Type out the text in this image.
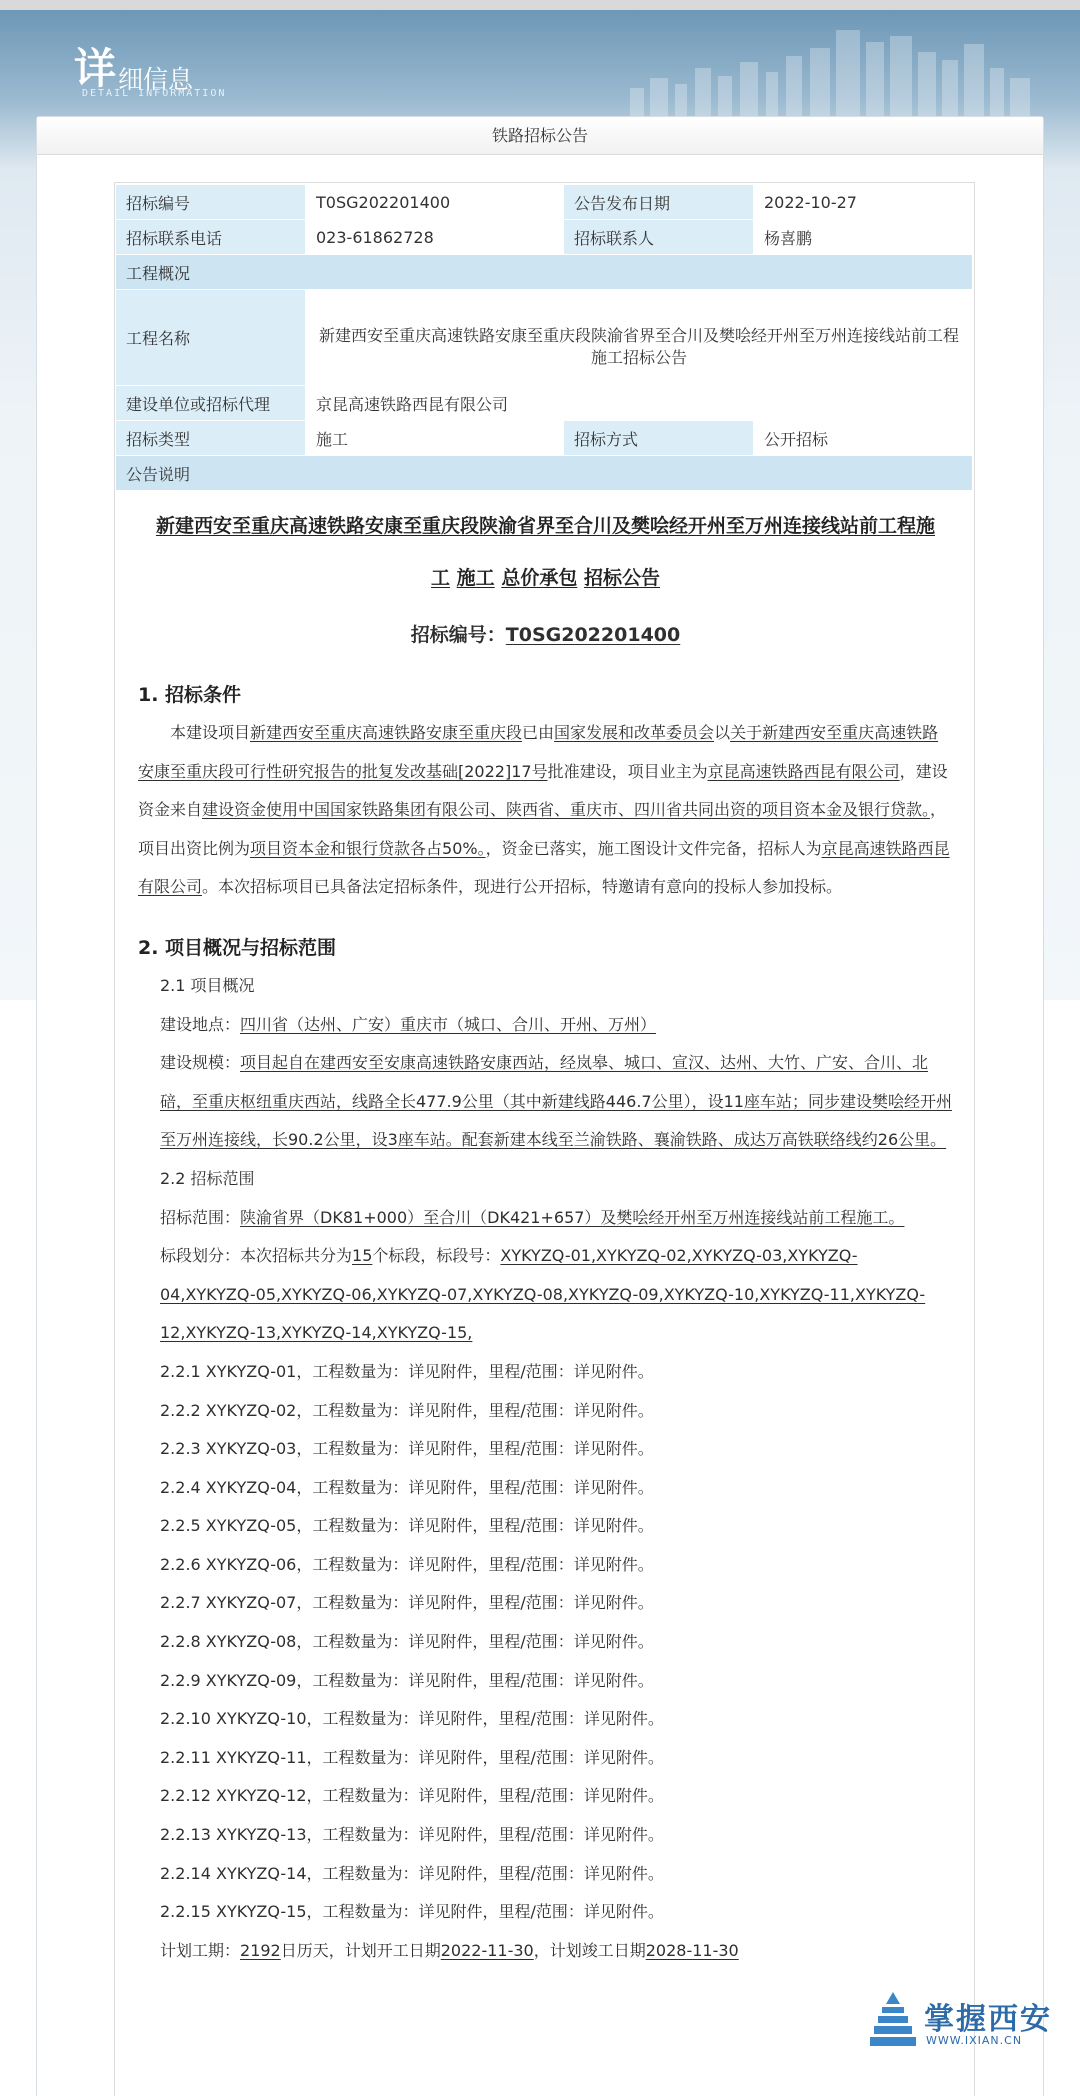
详细信息
DETAIL INFORMATION
铁路招标公告
招标编号	T0SG202201400	公告发布日期	2022-10-27
招标联系电话	023-61862728	招标联系人	杨喜鹏
工程概况			
工程名称	新建西安至重庆高速铁路安康至重庆段陕渝省界至合川及樊哙经开州至万州连接线站前工程施工招标公告		
建设单位或招标代理	京昆高速铁路西昆有限公司		
招标类型	施工	招标方式	公开招标
公告说明			
新建西安至重庆高速铁路安康至重庆段陕渝省界至合川及樊哙经开州至万州连接线站前工程施
工 施工 总价承包 招标公告
招标编号：T0SG202201400
1. 招标条件
本建设项目新建西安至重庆高速铁路安康至重庆段已由国家发展和改革委员会以关于新建西安至重庆高速铁路安康至重庆段可行性研究报告的批复发改基础[2022]17号批准建设，项目业主为京昆高速铁路西昆有限公司，建设资金来自建设资金使用中国国家铁路集团有限公司、陕西省、重庆市、四川省共同出资的项目资本金及银行贷款。，项目出资比例为项目资本金和银行贷款各占50%。，资金已落实，施工图设计文件完备，招标人为京昆高速铁路西昆有限公司。本次招标项目已具备法定招标条件，现进行公开招标，特邀请有意向的投标人参加投标。
2. 项目概况与招标范围
2.1 项目概况
建设地点：四川省（达州、广安）重庆市（城口、合川、开州、万州）
建设规模：项目起自在建西安至安康高速铁路安康西站，经岚皋、城口、宣汉、达州、大竹、广安、合川、北碚，至重庆枢纽重庆西站，线路全长477.9公里（其中新建线路446.7公里），设11座车站；同步建设樊哙经开州至万州连接线，长90.2公里，设3座车站。配套新建本线至兰渝铁路、襄渝铁路、成达万高铁联络线约26公里。
2.2 招标范围
招标范围：陕渝省界（DK81+000）至合川（DK421+657）及樊哙经开州至万州连接线站前工程施工。
标段划分：本次招标共分为15个标段，标段号：XYKYZQ-01,XYKYZQ-02,XYKYZQ-03,XYKYZQ-04,XYKYZQ-05,XYKYZQ-06,XYKYZQ-07,XYKYZQ-08,XYKYZQ-09,XYKYZQ-10,XYKYZQ-11,XYKYZQ-12,XYKYZQ-13,XYKYZQ-14,XYKYZQ-15,
2.2.1 XYKYZQ-01，工程数量为：详见附件，里程/范围：详见附件。
2.2.2 XYKYZQ-02，工程数量为：详见附件，里程/范围：详见附件。
2.2.3 XYKYZQ-03，工程数量为：详见附件，里程/范围：详见附件。
2.2.4 XYKYZQ-04，工程数量为：详见附件，里程/范围：详见附件。
2.2.5 XYKYZQ-05，工程数量为：详见附件，里程/范围：详见附件。
2.2.6 XYKYZQ-06，工程数量为：详见附件，里程/范围：详见附件。
2.2.7 XYKYZQ-07，工程数量为：详见附件，里程/范围：详见附件。
2.2.8 XYKYZQ-08，工程数量为：详见附件，里程/范围：详见附件。
2.2.9 XYKYZQ-09，工程数量为：详见附件，里程/范围：详见附件。
2.2.10 XYKYZQ-10，工程数量为：详见附件，里程/范围：详见附件。
2.2.11 XYKYZQ-11，工程数量为：详见附件，里程/范围：详见附件。
2.2.12 XYKYZQ-12，工程数量为：详见附件，里程/范围：详见附件。
2.2.13 XYKYZQ-13，工程数量为：详见附件，里程/范围：详见附件。
2.2.14 XYKYZQ-14，工程数量为：详见附件，里程/范围：详见附件。
2.2.15 XYKYZQ-15，工程数量为：详见附件，里程/范围：详见附件。
计划工期：2192日历天，计划开工日期2022-11-30，计划竣工日期2028-11-30
掌握西安
WWW.IXIAN.CN
